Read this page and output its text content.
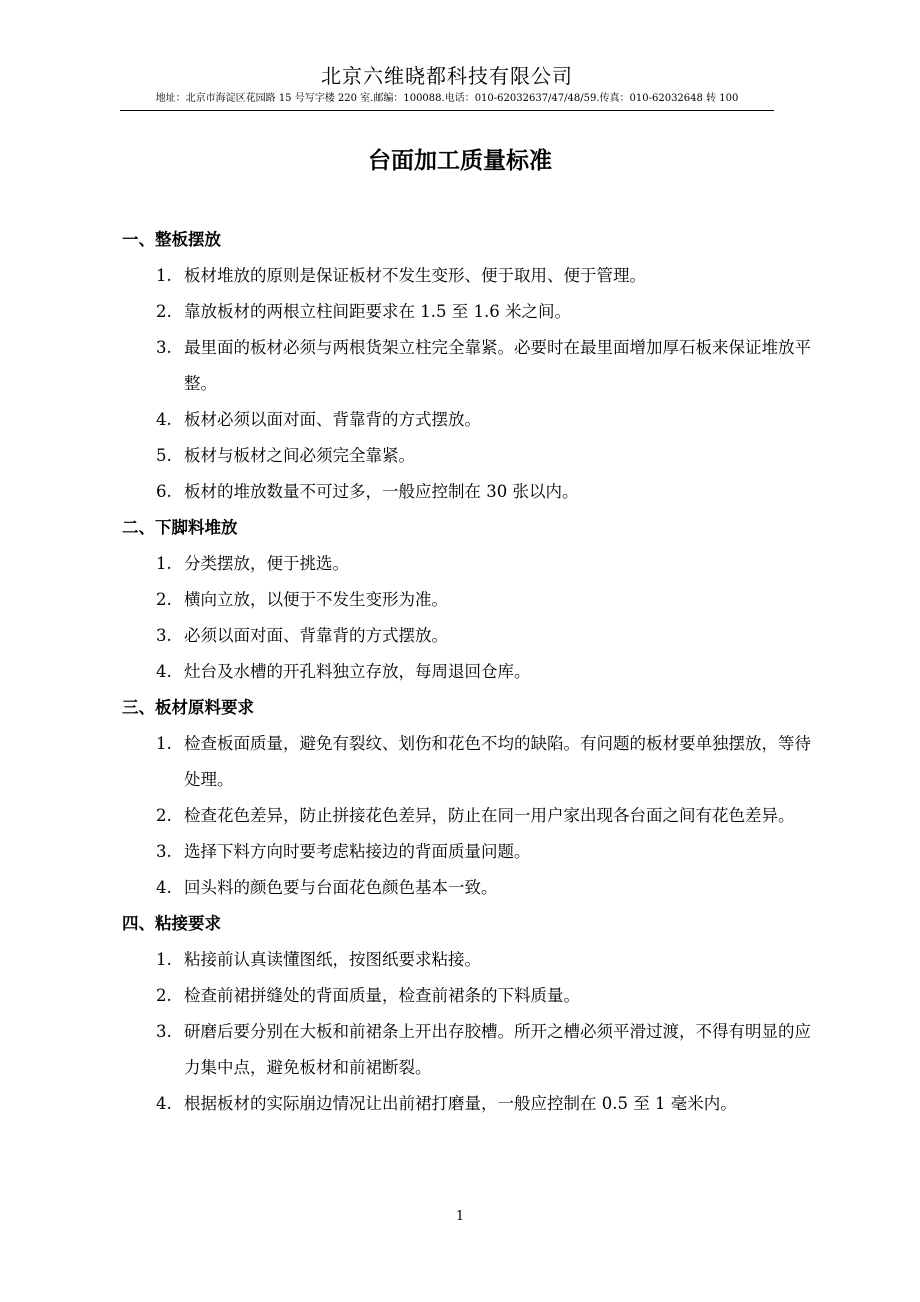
北京六维晓都科技有限公司
地址：北京市海淀区花园路 15 号写字楼 220 室.邮编：100088.电话：010-62032637/47/48/59.传真：010-62032648 转 100
台面加工质量标准
一、整板摆放
1. 板材堆放的原则是保证板材不发生变形、便于取用、便于管理。
2. 靠放板材的两根立柱间距要求在 1.5 至 1.6 米之间。
3. 最里面的板材必须与两根货架立柱完全靠紧。必要时在最里面增加厚石板来保证堆放平整。
4. 板材必须以面对面、背靠背的方式摆放。
5. 板材与板材之间必须完全靠紧。
6. 板材的堆放数量不可过多，一般应控制在 30 张以内。
二、下脚料堆放
1. 分类摆放，便于挑选。
2. 横向立放，以便于不发生变形为准。
3. 必须以面对面、背靠背的方式摆放。
4. 灶台及水槽的开孔料独立存放，每周退回仓库。
三、板材原料要求
1. 检查板面质量，避免有裂纹、划伤和花色不均的缺陷。有问题的板材要单独摆放，等待处理。
2. 检查花色差异，防止拼接花色差异，防止在同一用户家出现各台面之间有花色差异。
3. 选择下料方向时要考虑粘接边的背面质量问题。
4. 回头料的颜色要与台面花色颜色基本一致。
四、粘接要求
1. 粘接前认真读懂图纸，按图纸要求粘接。
2. 检查前裙拼缝处的背面质量，检查前裙条的下料质量。
3. 研磨后要分别在大板和前裙条上开出存胶槽。所开之槽必须平滑过渡，不得有明显的应力集中点，避免板材和前裙断裂。
4. 根据板材的实际崩边情况让出前裙打磨量，一般应控制在 0.5 至 1 毫米内。
1
